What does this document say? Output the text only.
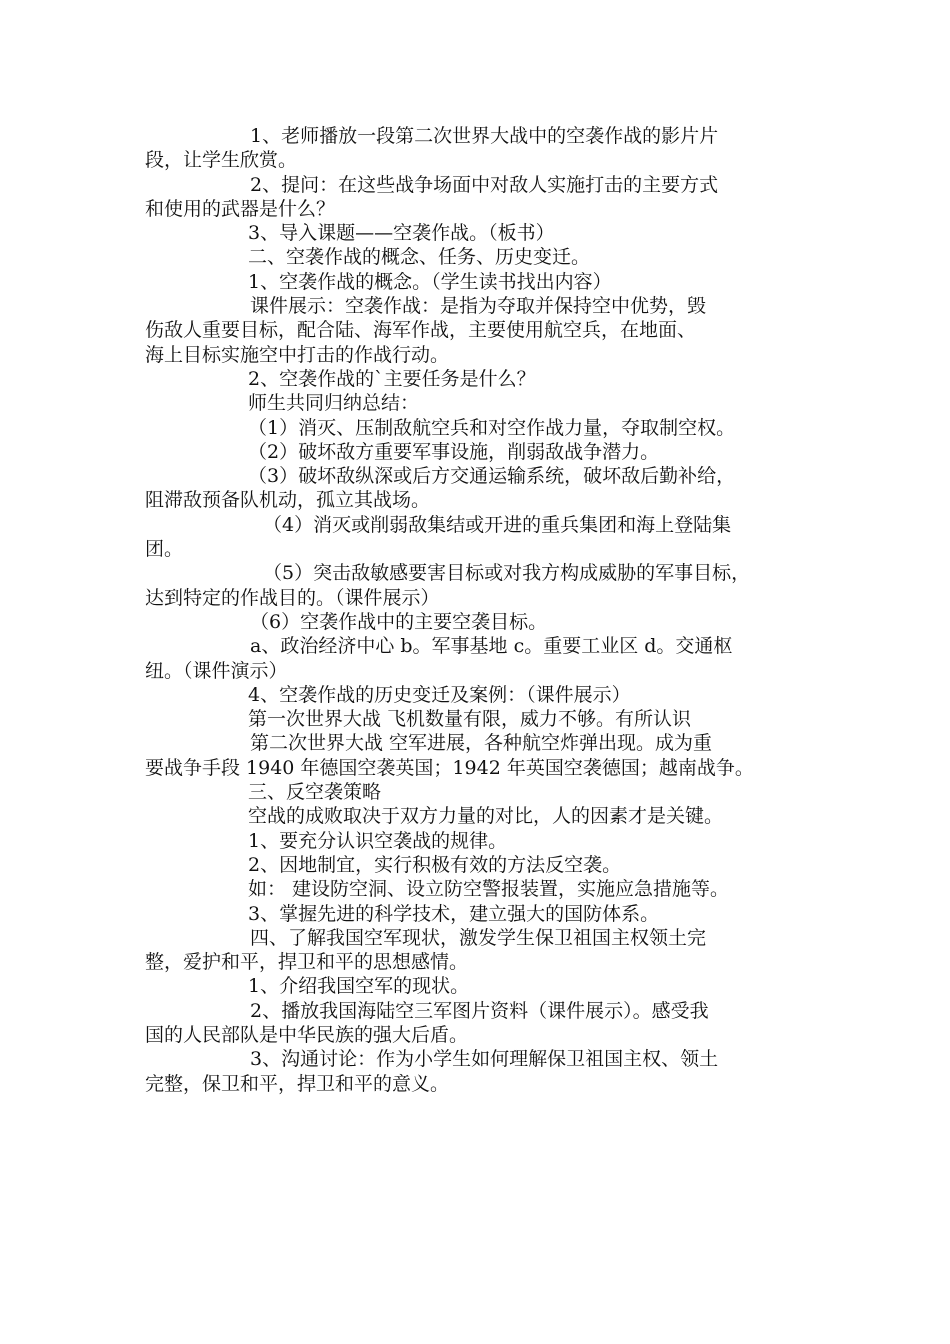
1、老师播放一段第二次世界大战中的空袭作战的影片片
段，让学生欣赏。
2、提问：在这些战争场面中对敌人实施打击的主要方式
和使用的武器是什么？
3、导入课题——空袭作战。（板书）
二、空袭作战的概念、任务、历史变迁。
1、空袭作战的概念。（学生读书找出内容）
课件展示：空袭作战：是指为夺取并保持空中优势，毁
伤敌人重要目标，配合陆、海军作战，主要使用航空兵，在地面、
海上目标实施空中打击的作战行动。
2、空袭作战的`主要任务是什么？
师生共同归纳总结：
（1）消灭、压制敌航空兵和对空作战力量，夺取制空权。
（2）破坏敌方重要军事设施，削弱敌战争潜力。
（3）破坏敌纵深或后方交通运输系统，破坏敌后勤补给，
阻滞敌预备队机动，孤立其战场。
（4）消灭或削弱敌集结或开进的重兵集团和海上登陆集
团。
（5）突击敌敏感要害目标或对我方构成威胁的军事目标，
达到特定的作战目的。（课件展示）
（6）空袭作战中的主要空袭目标。
a、政治经济中心 b。军事基地 c。重要工业区 d。交通枢
纽。（课件演示）
4、空袭作战的历史变迁及案例：（课件展示）
第一次世界大战 飞机数量有限，威力不够。有所认识
第二次世界大战 空军进展，各种航空炸弹出现。成为重
要战争手段 1940 年德国空袭英国；1942 年英国空袭德国；越南战争。
三、反空袭策略
空战的成败取决于双方力量的对比，人的因素才是关键。
1、要充分认识空袭战的规律。
2、因地制宜，实行积极有效的方法反空袭。
如： 建设防空洞、设立防空警报装置，实施应急措施等。
3、掌握先进的科学技术，建立强大的国防体系。
四、了解我国空军现状，激发学生保卫祖国主权领土完
整，爱护和平，捍卫和平的思想感情。
1、介绍我国空军的现状。
2、播放我国海陆空三军图片资料（课件展示）。感受我
国的人民部队是中华民族的强大后盾。
3、沟通讨论：作为小学生如何理解保卫祖国主权、领土
完整，保卫和平，捍卫和平的意义。
